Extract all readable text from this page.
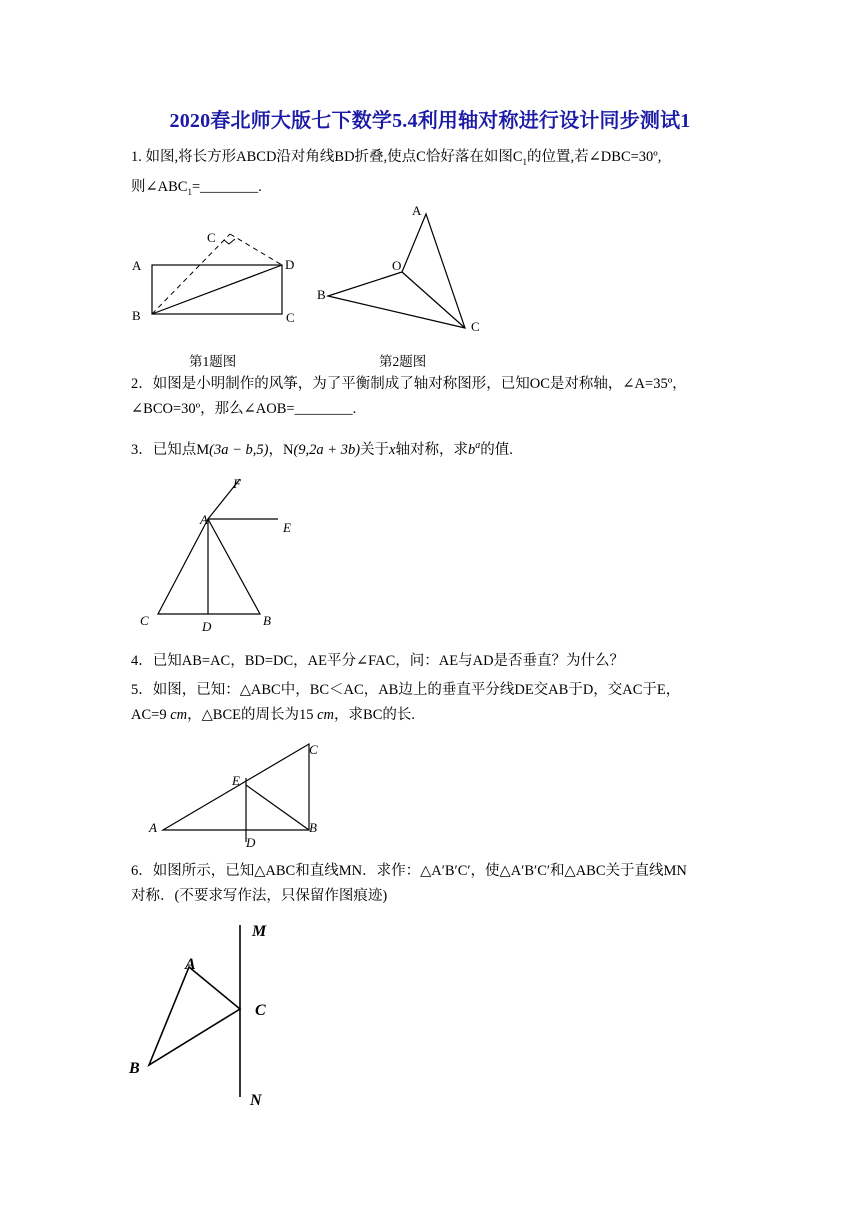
2020春北师大版七下数学5.4利用轴对称进行设计同步测试1
1. 如图,将长方形ABCD沿对角线BD折叠,使点C恰好落在如图$C_1$的位置,若∠DBC=30º,
则$\angle ABC_1=\_\_\_\_\_\_\_\_$.
C
A	D
B	C
第1题图
A
O
B
C
第2题图
2．如图是小明制作的风筝，为了平衡制成了轴对称图形，已知OC是对称轴，∠A=35º，
∠BCO=30º，那么∠AOB=________.
3．已知点M(3a − b,5)，N(9,2a + 3b)关于x轴对称，求$b^a$的值.
F
A
E
C	D	B
4．已知AB=AC，BD=DC，AE平分∠FAC，问：AE与AD是否垂直？为什么？
5．如图，已知：△ABC中，BC＜AC，AB边上的垂直平分线DE交AB于D，交AC于E，
AC=9 cm，△BCE的周长为15 cm，求BC的长.
C
E
A
D
B
6．如图所示，已知△ABC和直线MN．求作：△A′B′C′，使△A′B′C′和△ABC关于直线MN
对称．(不要求写作法，只保留作图痕迹)
M
A
C
B
N
